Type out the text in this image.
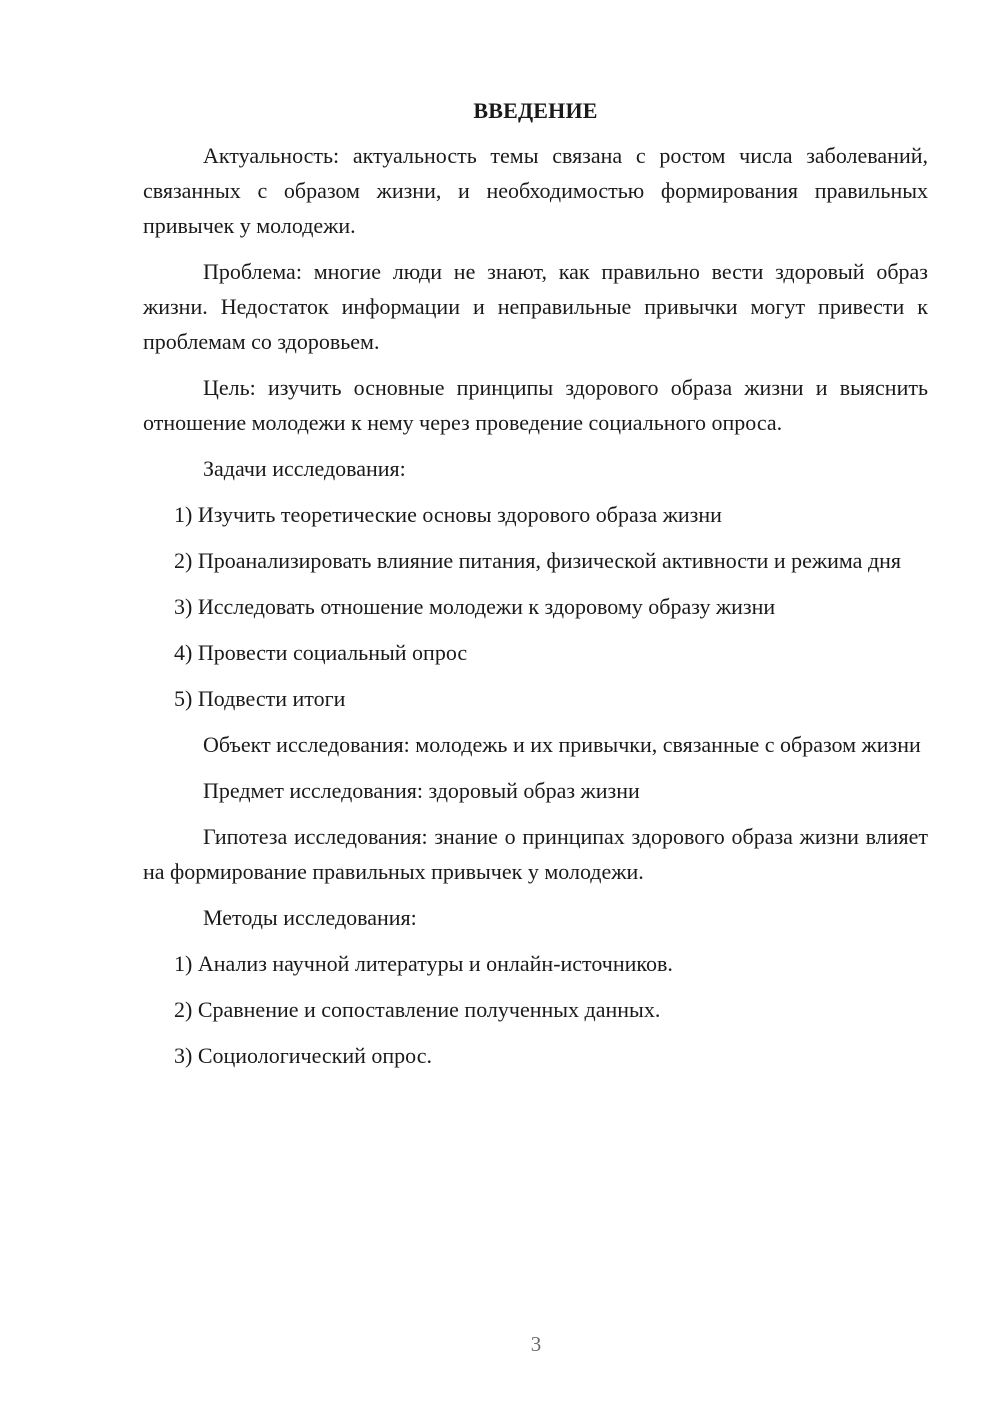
ВВЕДЕНИЕ

Актуальность: актуальность темы связана с ростом числа заболеваний, связанных с образом жизни, и необходимостью формирования правильных привычек у молодежи.

Проблема: многие люди не знают, как правильно вести здоровый образ жизни. Недостаток информации и неправильные привычки могут привести к проблемам со здоровьем.

Цель: изучить основные принципы здорового образа жизни и выяснить отношение молодежи к нему через проведение социального опроса.

Задачи исследования:

1) Изучить теоретические основы здорового образа жизни

2) Проанализировать влияние питания, физической активности и режима дня

3) Исследовать отношение молодежи к здоровому образу жизни

4) Провести социальный опрос

5) Подвести итоги

Объект исследования: молодежь и их привычки, связанные с образом жизни

Предмет исследования: здоровый образ жизни

Гипотеза исследования: знание о принципах здорового образа жизни влияет на формирование правильных привычек у молодежи.

Методы исследования:

1) Анализ научной литературы и онлайн-источников.

2) Сравнение и сопоставление полученных данных.

3) Социологический опрос.

3
